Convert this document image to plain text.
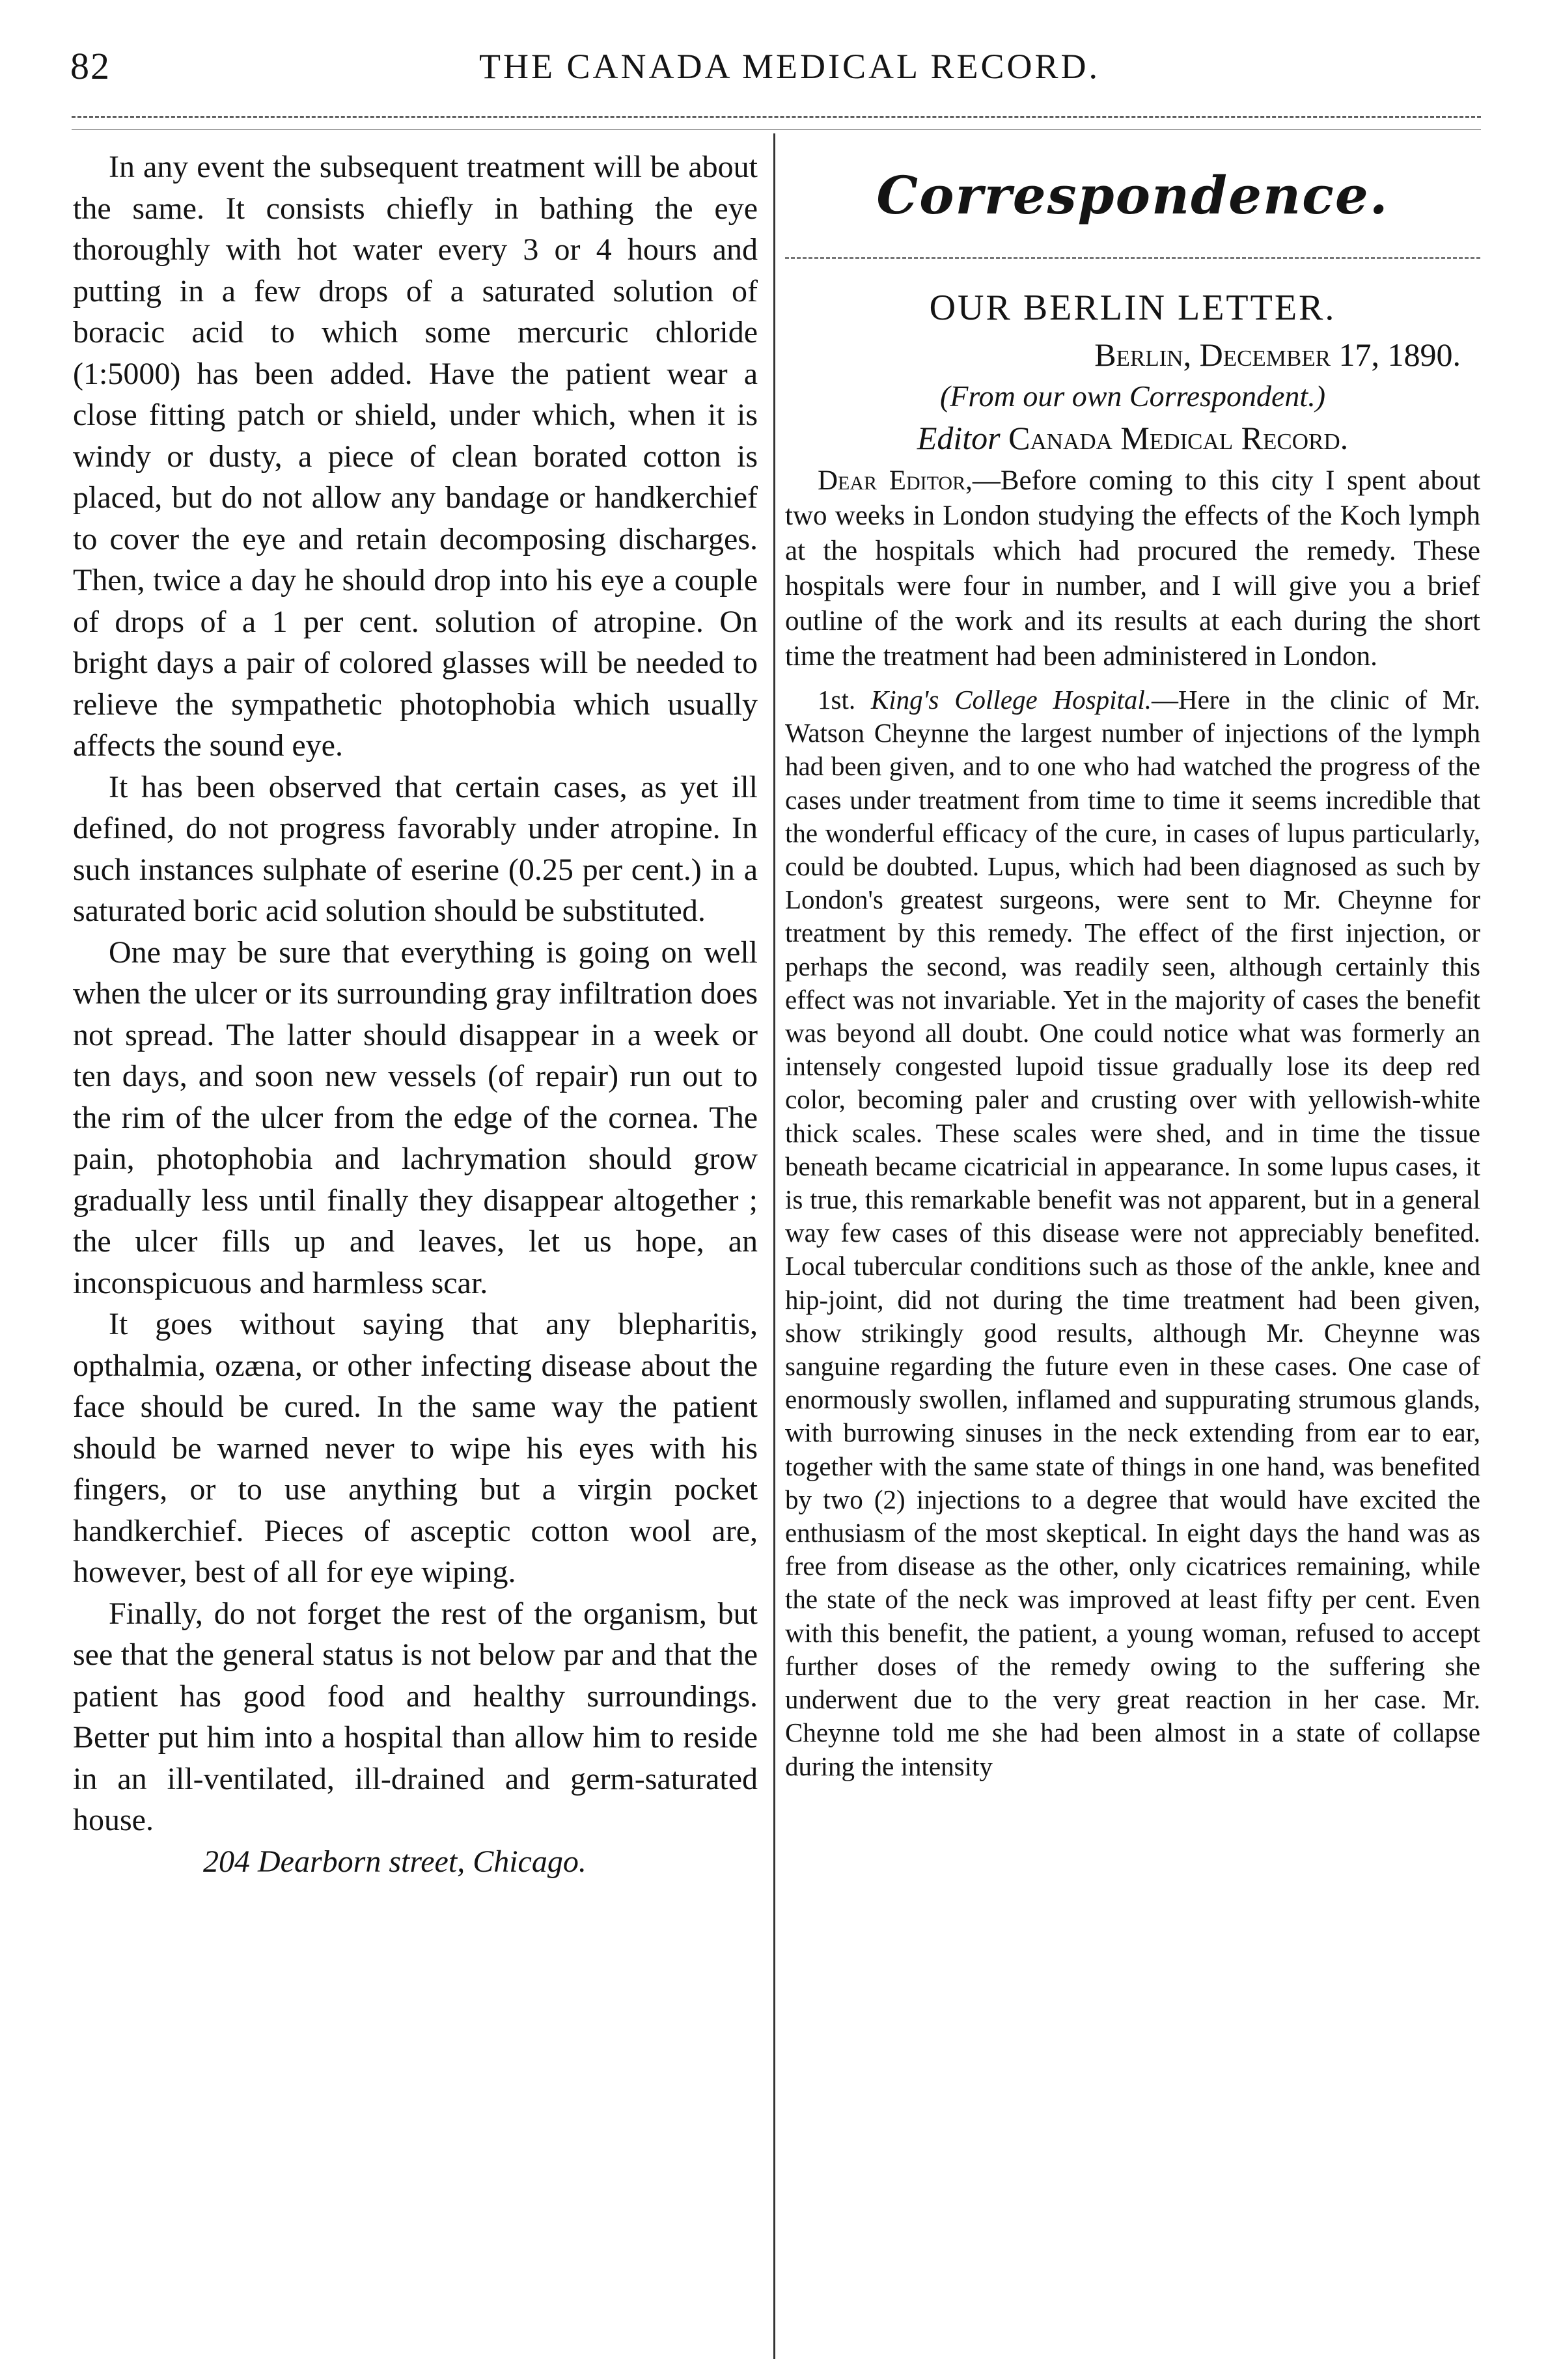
82	THE CANADA MEDICAL RECORD.

In any event the subsequent treatment will be about the same. It consists chiefly in bathing the eye thoroughly with hot water every 3 or 4 hours and putting in a few drops of a saturated solution of boracic acid to which some mercuric chloride (1:5000) has been added. Have the patient wear a close fitting patch or shield, under which, when it is windy or dusty, a piece of clean borated cotton is placed, but do not allow any bandage or handkerchief to cover the eye and retain decomposing discharges. Then, twice a day he should drop into his eye a couple of drops of a 1 per cent. solution of atropine. On bright days a pair of colored glasses will be needed to relieve the sympathetic photophobia which usually affects the sound eye.

It has been observed that certain cases, as yet ill defined, do not progress favorably under atropine. In such instances sulphate of eserine (0.25 per cent.) in a saturated boric acid solution should be substituted.

One may be sure that everything is going on well when the ulcer or its surrounding gray infiltration does not spread. The latter should disappear in a week or ten days, and soon new vessels (of repair) run out to the rim of the ulcer from the edge of the cornea. The pain, photophobia and lachrymation should grow gradually less until finally they disappear altogether ; the ulcer fills up and leaves, let us hope, an inconspicuous and harmless scar.

It goes without saying that any blepharitis, opthalmia, ozæna, or other infecting disease about the face should be cured. In the same way the patient should be warned never to wipe his eyes with his fingers, or to use anything but a virgin pocket handkerchief. Pieces of asceptic cotton wool are, however, best of all for eye wiping.

Finally, do not forget the rest of the organism, but see that the general status is not below par and that the patient has good food and healthy surroundings. Better put him into a hospital than allow him to reside in an ill-ventilated, ill-drained and germ-saturated house.

204 Dearborn street, Chicago.

Correspondence.

OUR BERLIN LETTER.

Berlin, December 17, 1890.

(From our own Correspondent.)

Editor Canada Medical Record.

Dear Editor,—Before coming to this city I spent about two weeks in London studying the effects of the Koch lymph at the hospitals which had procured the remedy. These hospitals were four in number, and I will give you a brief outline of the work and its results at each during the short time the treatment had been administered in London.

1st. King's College Hospital.—Here in the clinic of Mr. Watson Cheynne the largest number of injections of the lymph had been given, and to one who had watched the progress of the cases under treatment from time to time it seems incredible that the wonderful efficacy of the cure, in cases of lupus particularly, could be doubted. Lupus, which had been diagnosed as such by London's greatest surgeons, were sent to Mr. Cheynne for treatment by this remedy. The effect of the first injection, or perhaps the second, was readily seen, although certainly this effect was not invariable. Yet in the majority of cases the benefit was beyond all doubt. One could notice what was formerly an intensely congested lupoid tissue gradually lose its deep red color, becoming paler and crusting over with yellowish-white thick scales. These scales were shed, and in time the tissue beneath became cicatricial in appearance. In some lupus cases, it is true, this remarkable benefit was not apparent, but in a general way few cases of this disease were not appreciably benefited. Local tubercular conditions such as those of the ankle, knee and hip-joint, did not during the time treatment had been given, show strikingly good results, although Mr. Cheynne was sanguine regarding the future even in these cases. One case of enormously swollen, inflamed and suppurating strumous glands, with burrowing sinuses in the neck extending from ear to ear, together with the same state of things in one hand, was benefited by two (2) injections to a degree that would have excited the enthusiasm of the most skeptical. In eight days the hand was as free from disease as the other, only cicatrices remaining, while the state of the neck was improved at least fifty per cent. Even with this benefit, the patient, a young woman, refused to accept further doses of the remedy owing to the suffering she underwent due to the very great reaction in her case. Mr. Cheynne told me she had been almost in a state of collapse during the intensity
